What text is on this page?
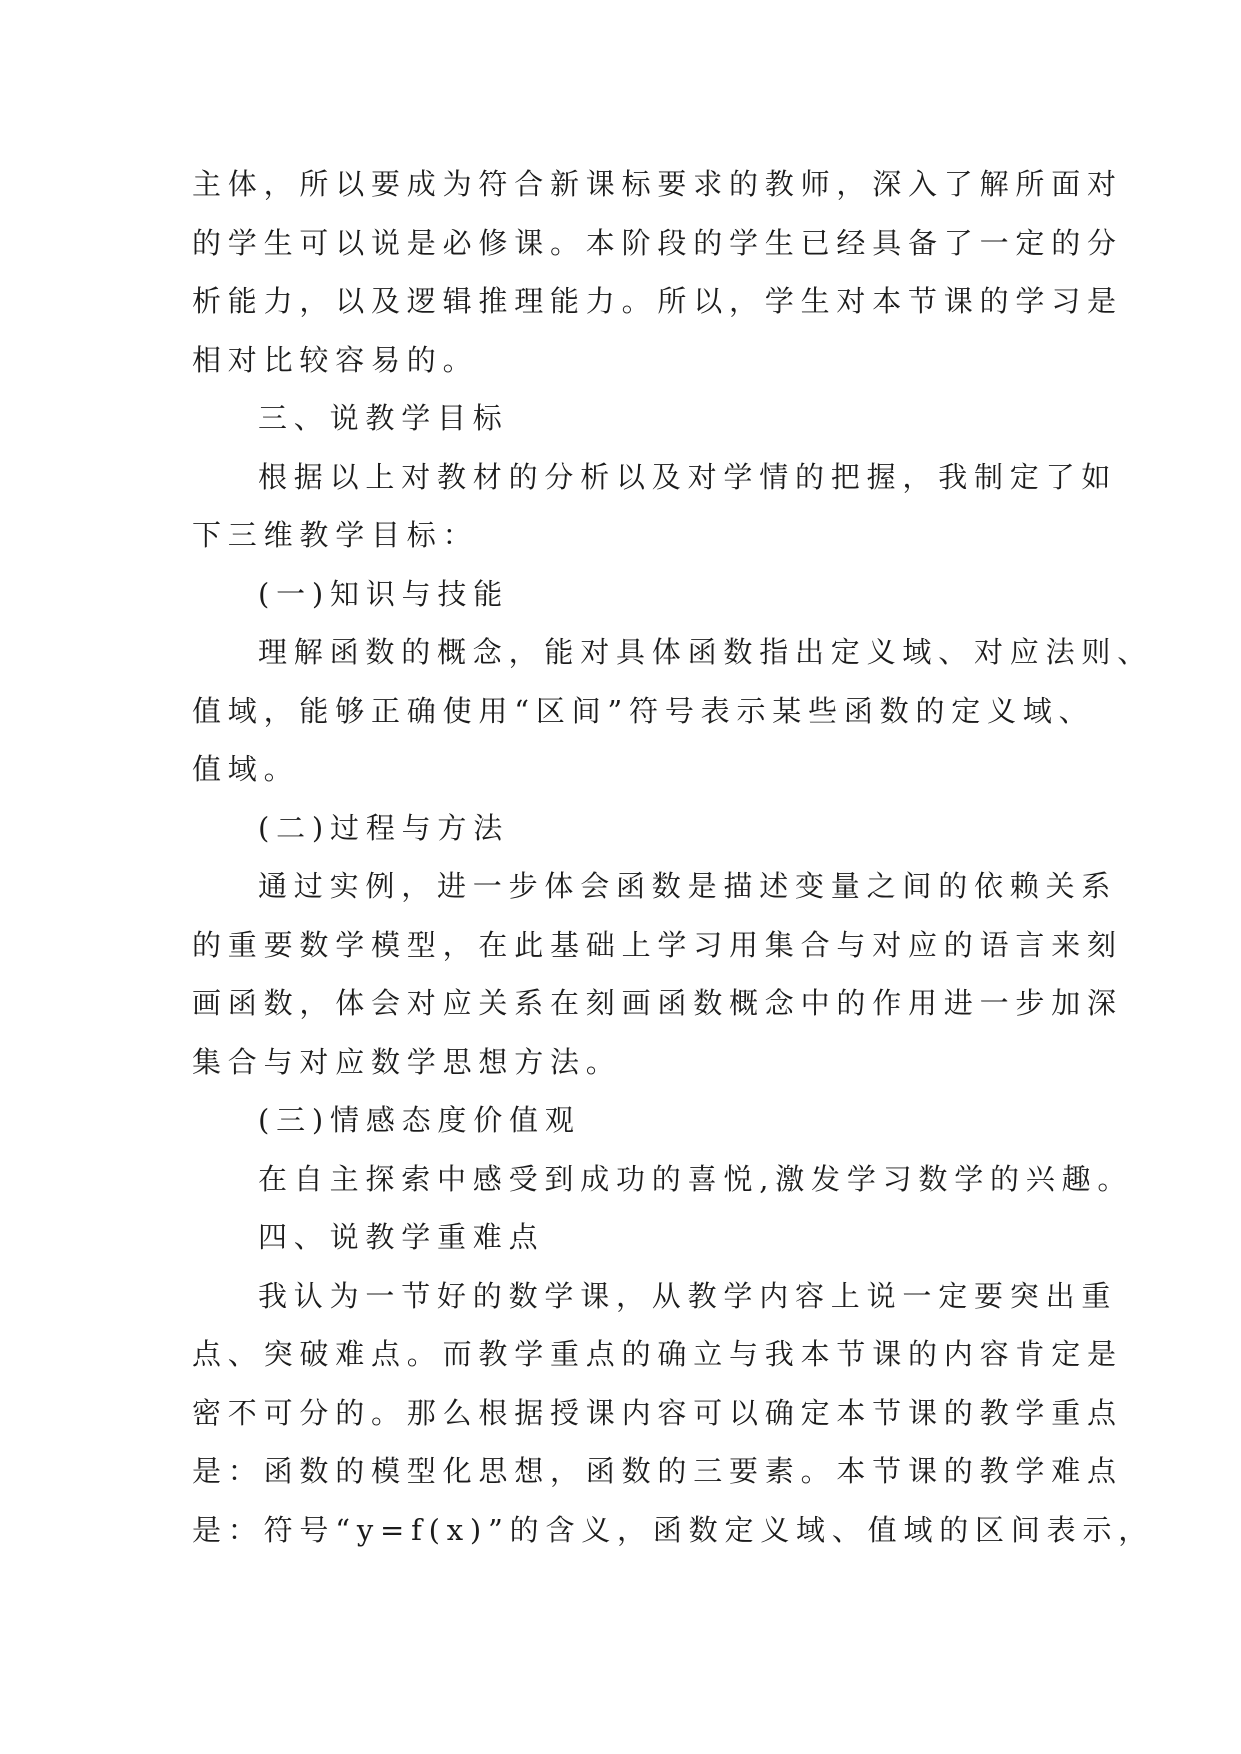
主体，所以要成为符合新课标要求的教师，深入了解所面对
的学生可以说是必修课。本阶段的学生已经具备了一定的分
析能力，以及逻辑推理能力。所以，学生对本节课的学习是
相对比较容易的。
三、说教学目标
根据以上对教材的分析以及对学情的把握，我制定了如
下三维教学目标：
(一)知识与技能
理解函数的概念，能对具体函数指出定义域、对应法则、
值域，能够正确使用“区间”符号表示某些函数的定义域、
值域。
(二)过程与方法
通过实例，进一步体会函数是描述变量之间的依赖关系
的重要数学模型，在此基础上学习用集合与对应的语言来刻
画函数，体会对应关系在刻画函数概念中的作用进一步加深
集合与对应数学思想方法。
(三)情感态度价值观
在自主探索中感受到成功的喜悦,激发学习数学的兴趣。
四、说教学重难点
我认为一节好的数学课，从教学内容上说一定要突出重
点、突破难点。而教学重点的确立与我本节课的内容肯定是
密不可分的。那么根据授课内容可以确定本节课的教学重点
是：函数的模型化思想，函数的三要素。本节课的教学难点
是：符号“y=f(x)”的含义，函数定义域、值域的区间表示，
